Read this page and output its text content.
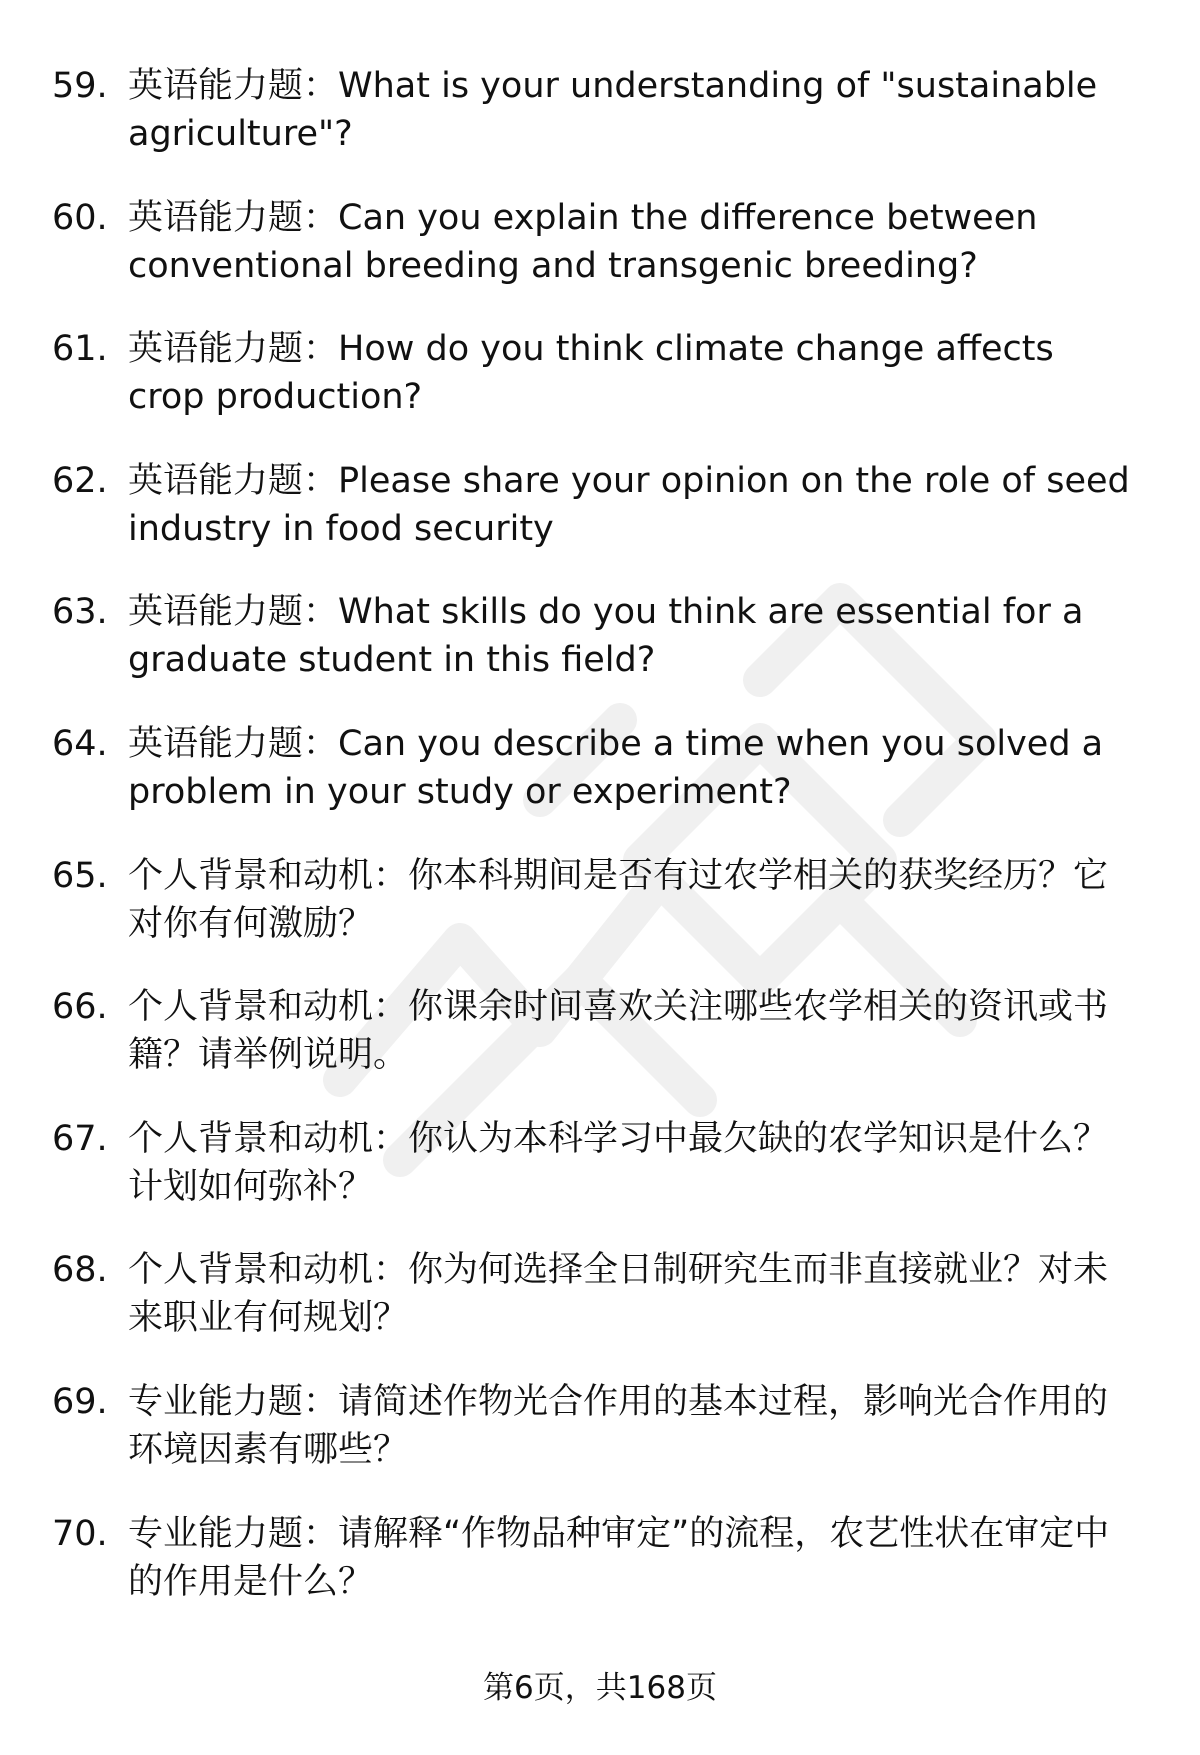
59. 英语能力题：What is your understanding of "sustainable agriculture"?
60. 英语能力题：Can you explain the difference between conventional breeding and transgenic breeding?
61. 英语能力题：How do you think climate change affects crop production?
62. 英语能力题：Please share your opinion on the role of seed industry in food security
63. 英语能力题：What skills do you think are essential for a graduate student in this field?
64. 英语能力题：Can you describe a time when you solved a problem in your study or experiment?
65. 个人背景和动机：你本科期间是否有过农学相关的获奖经历？它对你有何激励？
66. 个人背景和动机：你课余时间喜欢关注哪些农学相关的资讯或书籍？请举例说明。
67. 个人背景和动机：你认为本科学习中最欠缺的农学知识是什么？计划如何弥补？
68. 个人背景和动机：你为何选择全日制研究生而非直接就业？对未来职业有何规划？
69. 专业能力题：请简述作物光合作用的基本过程，影响光合作用的环境因素有哪些？
70. 专业能力题：请解释“作物品种审定”的流程，农艺性状在审定中的作用是什么？
第6页，共168页
